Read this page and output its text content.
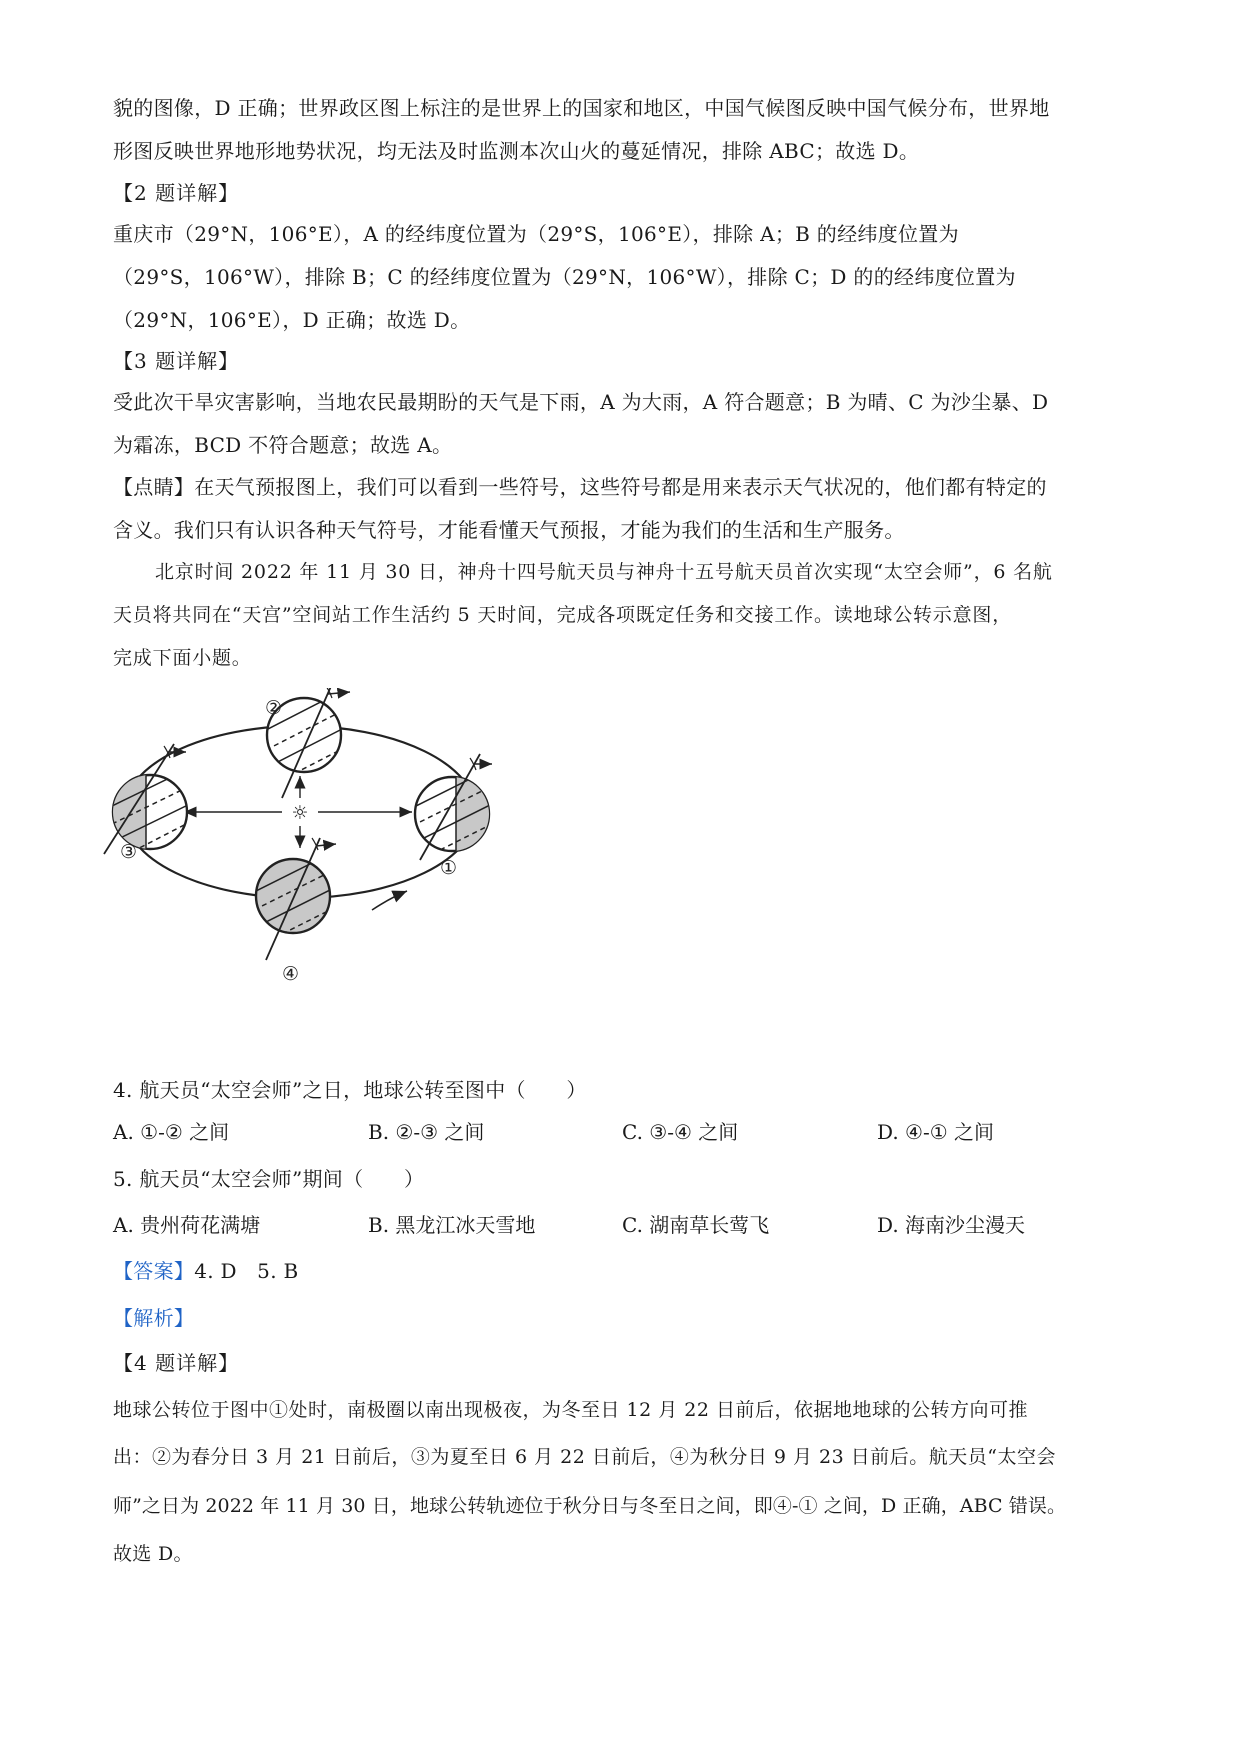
貌的图像，D 正确；世界政区图上标注的是世界上的国家和地区，中国气候图反映中国气候分布，世界地
形图反映世界地形地势状况，均无法及时监测本次山火的蔓延情况，排除 ABC；故选 D。
【2 题详解】
重庆市（29°N，106°E），A 的经纬度位置为（29°S，106°E），排除 A；B 的经纬度位置为
（29°S，106°W），排除 B；C 的经纬度位置为（29°N，106°W），排除 C；D 的的经纬度位置为
（29°N，106°E），D 正确；故选 D。
【3 题详解】
受此次干旱灾害影响，当地农民最期盼的天气是下雨，A 为大雨，A 符合题意；B 为晴、C 为沙尘暴、D
为霜冻，BCD 不符合题意；故选 A。
【点睛】在天气预报图上，我们可以看到一些符号，这些符号都是用来表示天气状况的，他们都有特定的
含义。我们只有认识各种天气符号，才能看懂天气预报，才能为我们的生活和生产服务。
北京时间 2022 年 11 月 30 日，神舟十四号航天员与神舟十五号航天员首次实现“太空会师”，6 名航
天员将共同在“天宫”空间站工作生活约 5 天时间，完成各项既定任务和交接工作。读地球公转示意图，
完成下面小题。
☼
②
③
①
④
4. 航天员“太空会师”之日，地球公转至图中（　　）
A. ①-② 之间	B. ②-③ 之间	C. ③-④ 之间	D. ④-① 之间
5. 航天员“太空会师”期间（　　）
A. 贵州荷花满塘	B. 黑龙江冰天雪地	C. 湖南草长莺飞	D. 海南沙尘漫天
【答案】4. D　5. B
【解析】
【4 题详解】
地球公转位于图中①处时，南极圈以南出现极夜，为冬至日 12 月 22 日前后，依据地地球的公转方向可推
出：②为春分日 3 月 21 日前后，③为夏至日 6 月 22 日前后，④为秋分日 9 月 23 日前后。航天员“太空会
师”之日为 2022 年 11 月 30 日，地球公转轨迹位于秋分日与冬至日之间，即④-① 之间，D 正确，ABC 错误。
故选 D。
